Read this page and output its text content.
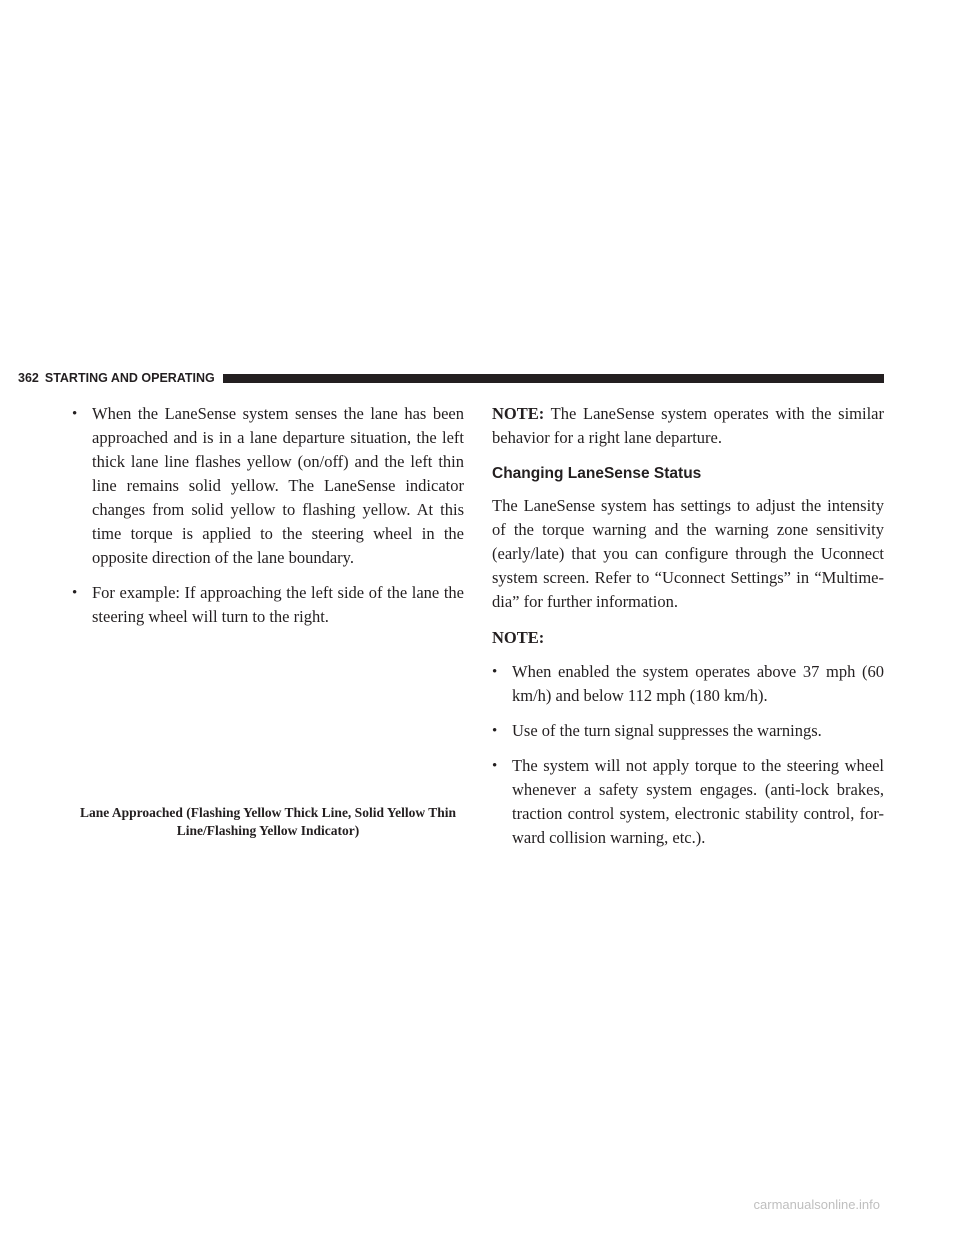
362 STARTING AND OPERATING
• When the LaneSense system senses the lane has been approached and is in a lane departure situation, the left thick lane line flashes yellow (on/off) and the left thin line remains solid yellow. The LaneSense indicator changes from solid yellow to flashing yellow. At this time torque is applied to the steering wheel in the opposite direction of the lane boundary.
• For example: If approaching the left side of the lane the steering wheel will turn to the right.
Lane Approached (Flashing Yellow Thick Line, Solid Yellow Thin Line/Flashing Yellow Indicator)

NOTE: The LaneSense system operates with the similar behavior for a right lane departure.

Changing LaneSense Status

The LaneSense system has settings to adjust the intensity of the torque warning and the warning zone sensitivity (early/late) that you can configure through the Uconnect system screen. Refer to “Uconnect Settings” in “Multime-dia” for further information.

NOTE:
• When enabled the system operates above 37 mph (60 km/h) and below 112 mph (180 km/h).
• Use of the turn signal suppresses the warnings.
• The system will not apply torque to the steering wheel whenever a safety system engages. (anti-lock brakes, traction control system, electronic stability control, for-ward collision warning, etc.).
carmanualsonline.info
